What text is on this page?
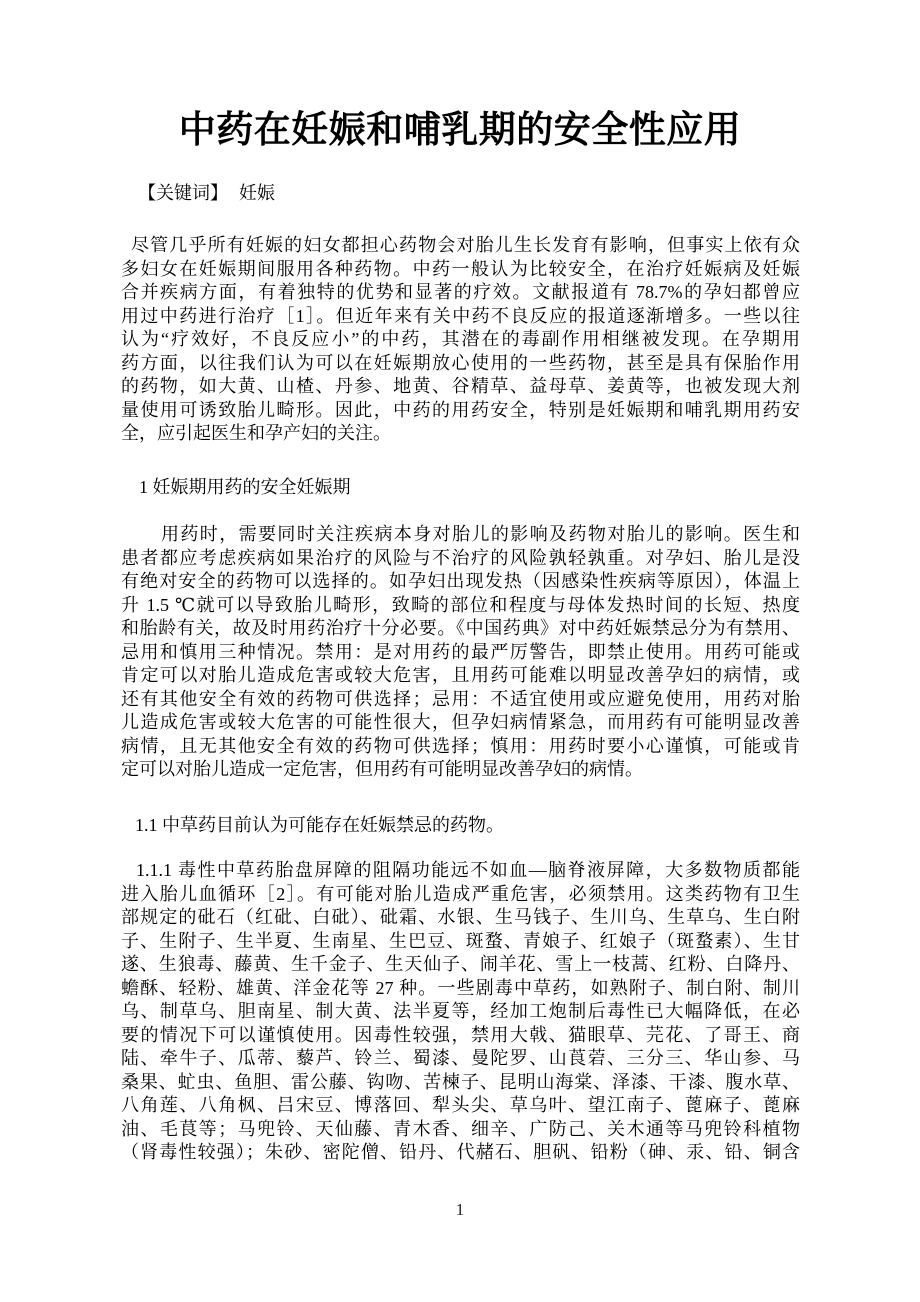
中药在妊娠和哺乳期的安全性应用
【关键词】 妊娠
尽管几乎所有妊娠的妇女都担心药物会对胎儿生长发育有影响，但事实上依有众
多妇女在妊娠期间服用各种药物。中药一般认为比较安全，在治疗妊娠病及妊娠
合并疾病方面，有着独特的优势和显著的疗效。文献报道有 78.7%的孕妇都曾应
用过中药进行治疗［1］。但近年来有关中药不良反应的报道逐渐增多。一些以往
认为“疗效好，不良反应小”的中药，其潜在的毒副作用相继被发现。在孕期用
药方面，以往我们认为可以在妊娠期放心使用的一些药物，甚至是具有保胎作用
的药物，如大黄、山楂、丹参、地黄、谷精草、益母草、姜黄等，也被发现大剂
量使用可诱致胎儿畸形。因此，中药的用药安全，特别是妊娠期和哺乳期用药安
全，应引起医生和孕产妇的关注。
1 妊娠期用药的安全妊娠期
用药时，需要同时关注疾病本身对胎儿的影响及药物对胎儿的影响。医生和
患者都应考虑疾病如果治疗的风险与不治疗的风险孰轻孰重。对孕妇、胎儿是没
有绝对安全的药物可以选择的。如孕妇出现发热（因感染性疾病等原因），体温上
升 1.5 ℃就可以导致胎儿畸形，致畸的部位和程度与母体发热时间的长短、热度
和胎龄有关，故及时用药治疗十分必要。《中国药典》对中药妊娠禁忌分为有禁用、
忌用和慎用三种情况。禁用：是对用药的最严厉警告，即禁止使用。用药可能或
肯定可以对胎儿造成危害或较大危害，且用药可能难以明显改善孕妇的病情，或
还有其他安全有效的药物可供选择；忌用：不适宜使用或应避免使用，用药对胎
儿造成危害或较大危害的可能性很大，但孕妇病情紧急，而用药有可能明显改善
病情，且无其他安全有效的药物可供选择；慎用：用药时要小心谨慎，可能或肯
定可以对胎儿造成一定危害，但用药有可能明显改善孕妇的病情。
1.1 中草药目前认为可能存在妊娠禁忌的药物。
1.1.1 毒性中草药胎盘屏障的阻隔功能远不如血—脑脊液屏障，大多数物质都能
进入胎儿血循环［2］。有可能对胎儿造成严重危害，必须禁用。这类药物有卫生
部规定的砒石（红砒、白砒）、砒霜、水银、生马钱子、生川乌、生草乌、生白附
子、生附子、生半夏、生南星、生巴豆、斑蝥、青娘子、红娘子（斑蝥素）、生甘
遂、生狼毒、藤黄、生千金子、生天仙子、闹羊花、雪上一枝蒿、红粉、白降丹、
蟾酥、轻粉、雄黄、洋金花等 27 种。一些剧毒中草药，如熟附子、制白附、制川
乌、制草乌、胆南星、制大黄、法半夏等，经加工炮制后毒性已大幅降低，在必
要的情况下可以谨慎使用。因毒性较强，禁用大戟、猫眼草、芫花、了哥王、商
陆、牵牛子、瓜蒂、藜芦、铃兰、蜀漆、曼陀罗、山莨菪、三分三、华山参、马
桑果、虻虫、鱼胆、雷公藤、钩吻、苦楝子、昆明山海棠、泽漆、干漆、腹水草、
八角莲、八角枫、吕宋豆、博落回、犁头尖、草乌叶、望江南子、蓖麻子、蓖麻
油、毛茛等；马兜铃、天仙藤、青木香、细辛、广防己、关木通等马兜铃科植物
（肾毒性较强）；朱砂、密陀僧、铅丹、代赭石、胆矾、铅粉（砷、汞、铅、铜含
1
